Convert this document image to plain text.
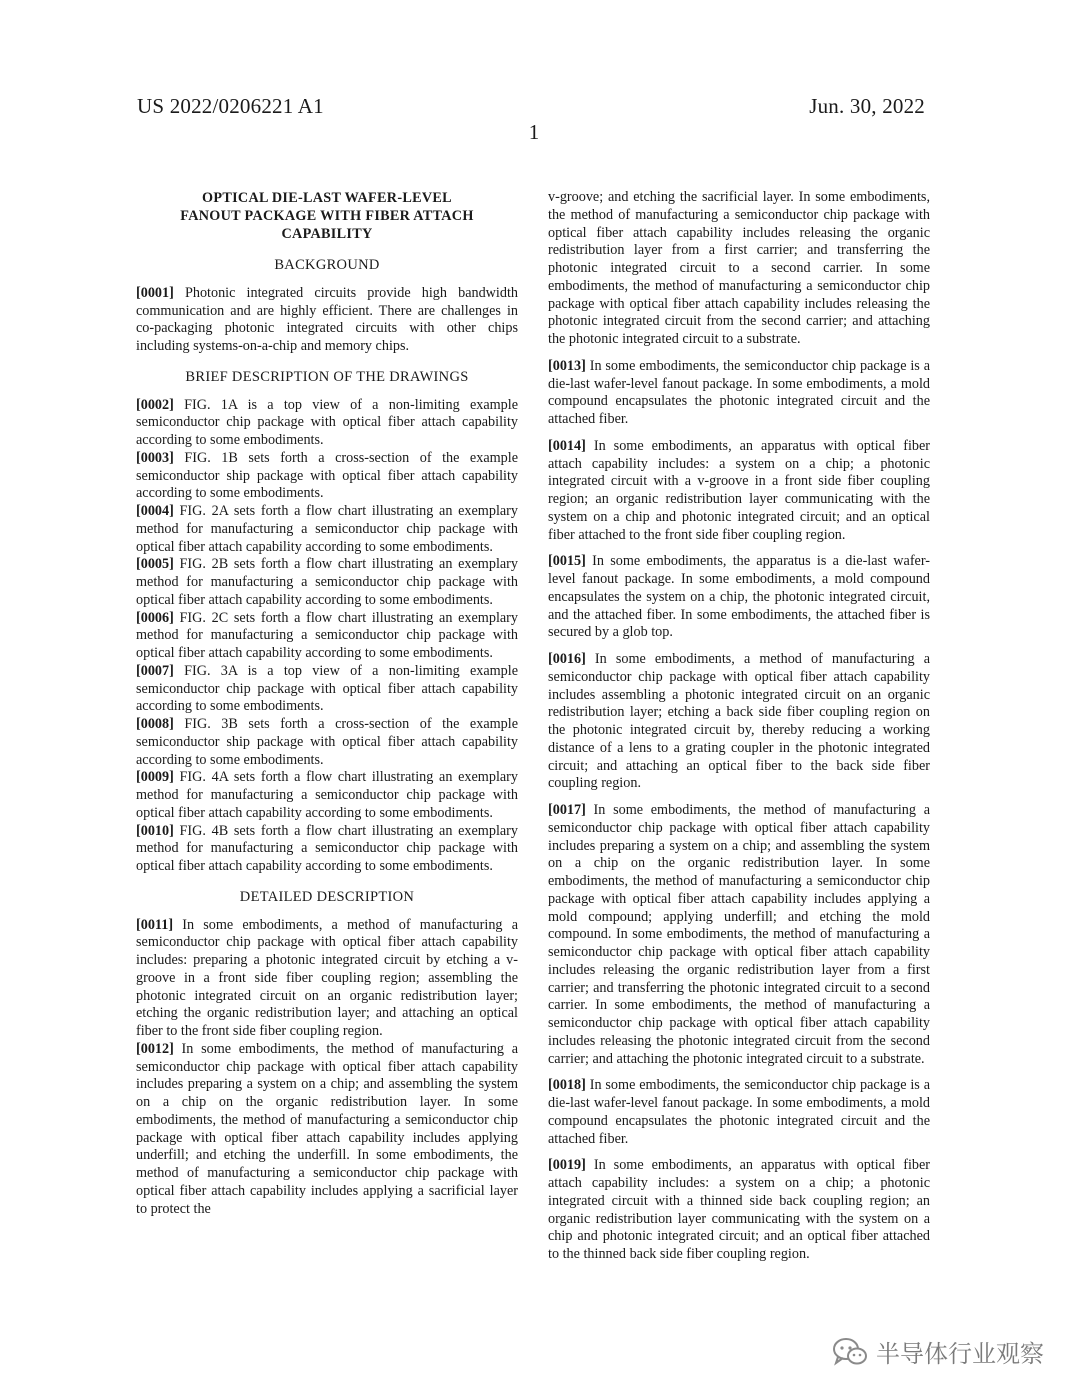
US 2022/0206221 A1	Jun. 30, 2022
1
OPTICAL DIE-LAST WAFER-LEVEL
FANOUT PACKAGE WITH FIBER ATTACH
CAPABILITY
BACKGROUND

[0001] Photonic integrated circuits provide high bandwidth communication and are highly efficient. There are challenges in co-packaging photonic integrated circuits with other chips including systems-on-a-chip and memory chips.

BRIEF DESCRIPTION OF THE DRAWINGS

[0002] FIG. 1A is a top view of a non-limiting example semiconductor chip package with optical fiber attach capability according to some embodiments.

[0003] FIG. 1B sets forth a cross-section of the example semiconductor ship package with optical fiber attach capability according to some embodiments.

[0004] FIG. 2A sets forth a flow chart illustrating an exemplary method for manufacturing a semiconductor chip package with optical fiber attach capability according to some embodiments.

[0005] FIG. 2B sets forth a flow chart illustrating an exemplary method for manufacturing a semiconductor chip package with optical fiber attach capability according to some embodiments.

[0006] FIG. 2C sets forth a flow chart illustrating an exemplary method for manufacturing a semiconductor chip package with optical fiber attach capability according to some embodiments.

[0007] FIG. 3A is a top view of a non-limiting example semiconductor chip package with optical fiber attach capability according to some embodiments.

[0008] FIG. 3B sets forth a cross-section of the example semiconductor ship package with optical fiber attach capability according to some embodiments.

[0009] FIG. 4A sets forth a flow chart illustrating an exemplary method for manufacturing a semiconductor chip package with optical fiber attach capability according to some embodiments.

[0010] FIG. 4B sets forth a flow chart illustrating an exemplary method for manufacturing a semiconductor chip package with optical fiber attach capability according to some embodiments.

DETAILED DESCRIPTION

[0011] In some embodiments, a method of manufacturing a semiconductor chip package with optical fiber attach capability includes: preparing a photonic integrated circuit by etching a v-groove in a front side fiber coupling region; assembling the photonic integrated circuit on an organic redistribution layer; etching the organic redistribution layer; and attaching an optical fiber to the front side fiber coupling region.

[0012] In some embodiments, the method of manufacturing a semiconductor chip package with optical fiber attach capability includes preparing a system on a chip; and assembling the system on a chip on the organic redistribution layer. In some embodiments, the method of manufacturing a semiconductor chip package with optical fiber attach capability includes applying underfill; and etching the underfill. In some embodiments, the method of manufacturing a semiconductor chip package with optical fiber attach capability includes applying a sacrificial layer to protect the

v-groove; and etching the sacrificial layer. In some embodiments, the method of manufacturing a semiconductor chip package with optical fiber attach capability includes releasing the organic redistribution layer from a first carrier; and transferring the photonic integrated circuit to a second carrier. In some embodiments, the method of manufacturing a semiconductor chip package with optical fiber attach capability includes releasing the photonic integrated circuit from the second carrier; and attaching the photonic integrated circuit to a substrate.

[0013] In some embodiments, the semiconductor chip package is a die-last wafer-level fanout package. In some embodiments, a mold compound encapsulates the photonic integrated circuit and the attached fiber.

[0014] In some embodiments, an apparatus with optical fiber attach capability includes: a system on a chip; a photonic integrated circuit with a v-groove in a front side fiber coupling region; an organic redistribution layer communicating with the system on a chip and photonic integrated circuit; and an optical fiber attached to the front side fiber coupling region.

[0015] In some embodiments, the apparatus is a die-last wafer-level fanout package. In some embodiments, a mold compound encapsulates the system on a chip, the photonic integrated circuit, and the attached fiber. In some embodiments, the attached fiber is secured by a glob top.

[0016] In some embodiments, a method of manufacturing a semiconductor chip package with optical fiber attach capability includes assembling a photonic integrated circuit on an organic redistribution layer; etching a back side fiber coupling region on the photonic integrated circuit by, thereby reducing a working distance of a lens to a grating coupler in the photonic integrated circuit; and attaching an optical fiber to the back side fiber coupling region.

[0017] In some embodiments, the method of manufacturing a semiconductor chip package with optical fiber attach capability includes preparing a system on a chip; and assembling the system on a chip on the organic redistribution layer. In some embodiments, the method of manufacturing a semiconductor chip package with optical fiber attach capability includes applying a mold compound; applying underfill; and etching the mold compound. In some embodiments, the method of manufacturing a semiconductor chip package with optical fiber attach capability includes releasing the organic redistribution layer from a first carrier; and transferring the photonic integrated circuit to a second carrier. In some embodiments, the method of manufacturing a semiconductor chip package with optical fiber attach capability includes releasing the photonic integrated circuit from the second carrier; and attaching the photonic integrated circuit to a substrate.

[0018] In some embodiments, the semiconductor chip package is a die-last wafer-level fanout package. In some embodiments, a mold compound encapsulates the photonic integrated circuit and the attached fiber.

[0019] In some embodiments, an apparatus with optical fiber attach capability includes: a system on a chip; a photonic integrated circuit with a thinned side back coupling region; an organic redistribution layer communicating with the system on a chip and photonic integrated circuit; and an optical fiber attached to the thinned back side fiber coupling region.

半导体行业观察
